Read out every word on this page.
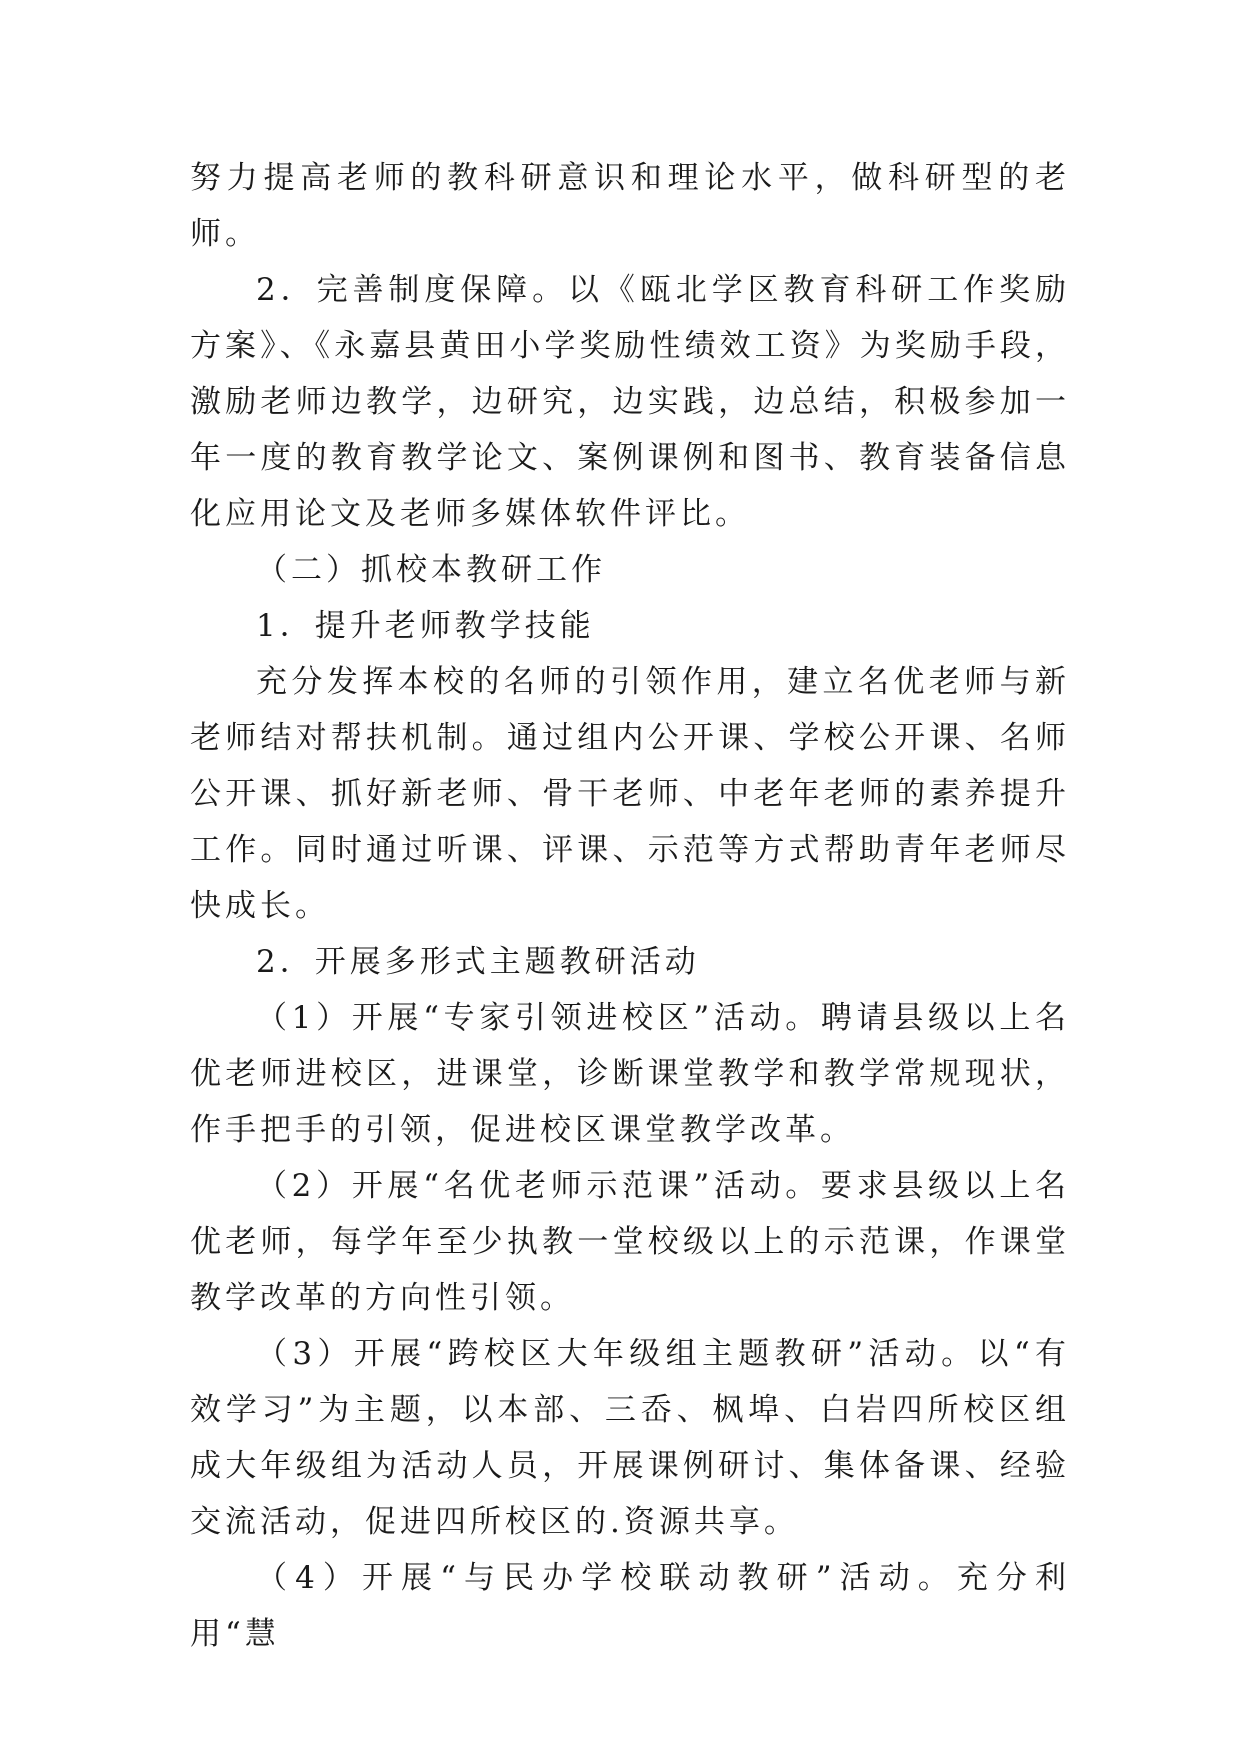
努力提高老师的教科研意识和理论水平，做科研型的老师。

2．完善制度保障。以《瓯北学区教育科研工作奖励方案》、《永嘉县黄田小学奖励性绩效工资》为奖励手段，激励老师边教学，边研究，边实践，边总结，积极参加一年一度的教育教学论文、案例课例和图书、教育装备信息化应用论文及老师多媒体软件评比。

（二）抓校本教研工作

1．提升老师教学技能

充分发挥本校的名师的引领作用，建立名优老师与新老师结对帮扶机制。通过组内公开课、学校公开课、名师公开课、抓好新老师、骨干老师、中老年老师的素养提升工作。同时通过听课、评课、示范等方式帮助青年老师尽快成长。

2．开展多形式主题教研活动

（1）开展“专家引领进校区”活动。聘请县级以上名优老师进校区，进课堂，诊断课堂教学和教学常规现状，作手把手的引领，促进校区课堂教学改革。

（2）开展“名优老师示范课”活动。要求县级以上名优老师，每学年至少执教一堂校级以上的示范课，作课堂教学改革的方向性引领。

（3）开展“跨校区大年级组主题教研”活动。以“有效学习”为主题，以本部、三岙、枫埠、白岩四所校区组成大年级组为活动人员，开展课例研讨、集体备课、经验交流活动，促进四所校区的.资源共享。

（4）开展“与民办学校联动教研”活动。充分利用“慧
